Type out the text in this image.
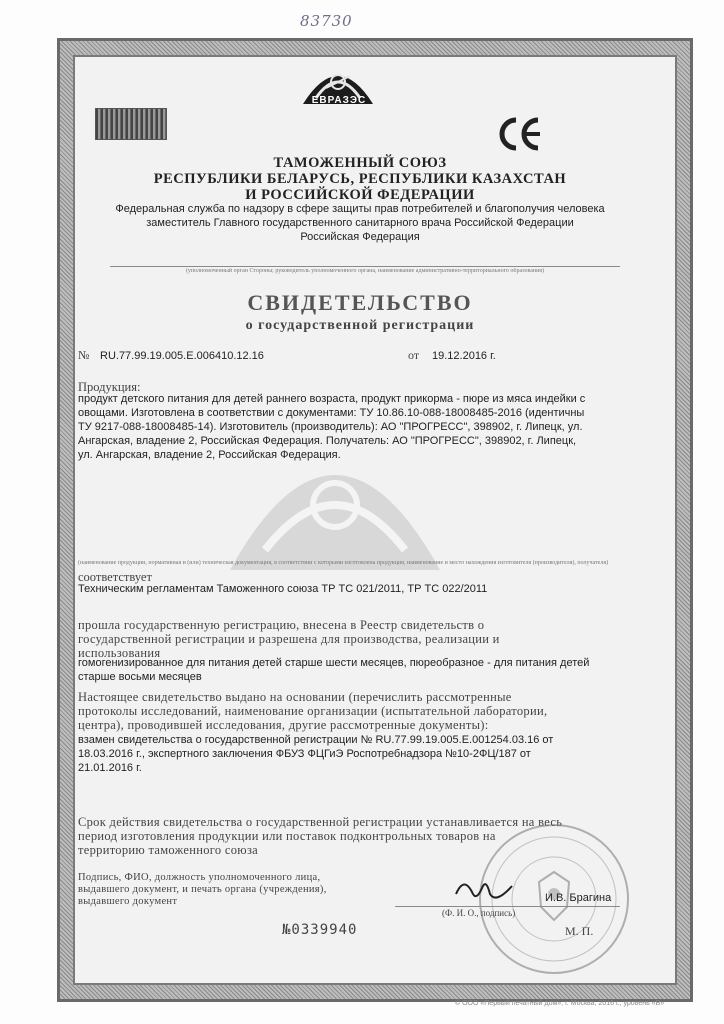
83730
ЕВРАЗЭС
ТАМОЖЕННЫЙ СОЮЗ
РЕСПУБЛИКИ БЕЛАРУСЬ, РЕСПУБЛИКИ КАЗАХСТАН
И РОССИЙСКОЙ ФЕДЕРАЦИИ
Федеральная служба по надзору в сфере защиты прав потребителей и благополучия человека
заместитель Главного государственного санитарного врача Российской Федерации
Российская Федерация
(уполномоченный орган Стороны; руководитель уполномоченного органа, наименование административно-территориального образования)
СВИДЕТЕЛЬСТВО
о государственной регистрации
№ RU.77.99.19.005.Е.006410.12.16	от 19.12.2016 г.
Продукция:
продукт детского питания для детей раннего возраста, продукт прикорма - пюре из мяса индейки с
овощами. Изготовлена в соответствии с документами: ТУ 10.86.10-088-18008485-2016 (идентичны
ТУ 9217-088-18008485-14). Изготовитель (производитель): АО "ПРОГРЕСС", 398902, г. Липецк, ул.
Ангарская, владение 2, Российская Федерация. Получатель: АО "ПРОГРЕСС", 398902, г. Липецк,
ул. Ангарская, владение 2, Российская Федерация.
(наименование продукции, нормативная и (или) техническая документация, в соответствии с которыми изготовлена продукция, наименование и место нахождения изготовителя (производителя), получателя)
соответствует
Техническим регламентам Таможенного союза ТР ТС 021/2011, ТР ТС 022/2011
прошла государственную регистрацию, внесена в Реестр свидетельств о
государственной регистрации и разрешена для производства, реализации и
использования
гомогенизированное для питания детей старше шести месяцев, пюреобразное - для питания детей
старше восьми месяцев
Настоящее свидетельство выдано на основании (перечислить рассмотренные
протоколы исследований, наименование организации (испытательной лаборатории,
центра), проводившей исследования, другие рассмотренные документы):
взамен свидетельства о государственной регистрации № RU.77.99.19.005.Е.001254.03.16 от
18.03.2016 г., экспертного заключения ФБУЗ ФЦГиЭ Роспотребнадзора №10-2ФЦ/187 от
21.01.2016 г.
Срок действия свидетельства о государственной регистрации устанавливается на весь
период изготовления продукции или поставок подконтрольных товаров на
территорию таможенного союза
Подпись, ФИО, должность уполномоченного лица,
выдавшего документ, и печать органа (учреждения),
выдавшего документ	И.В. Брагина
(Ф. И. О., подпись)
№0339940	М. П.
© ООО «Первый печатный дом», г. Москва, 2016 г., уровень «В»
